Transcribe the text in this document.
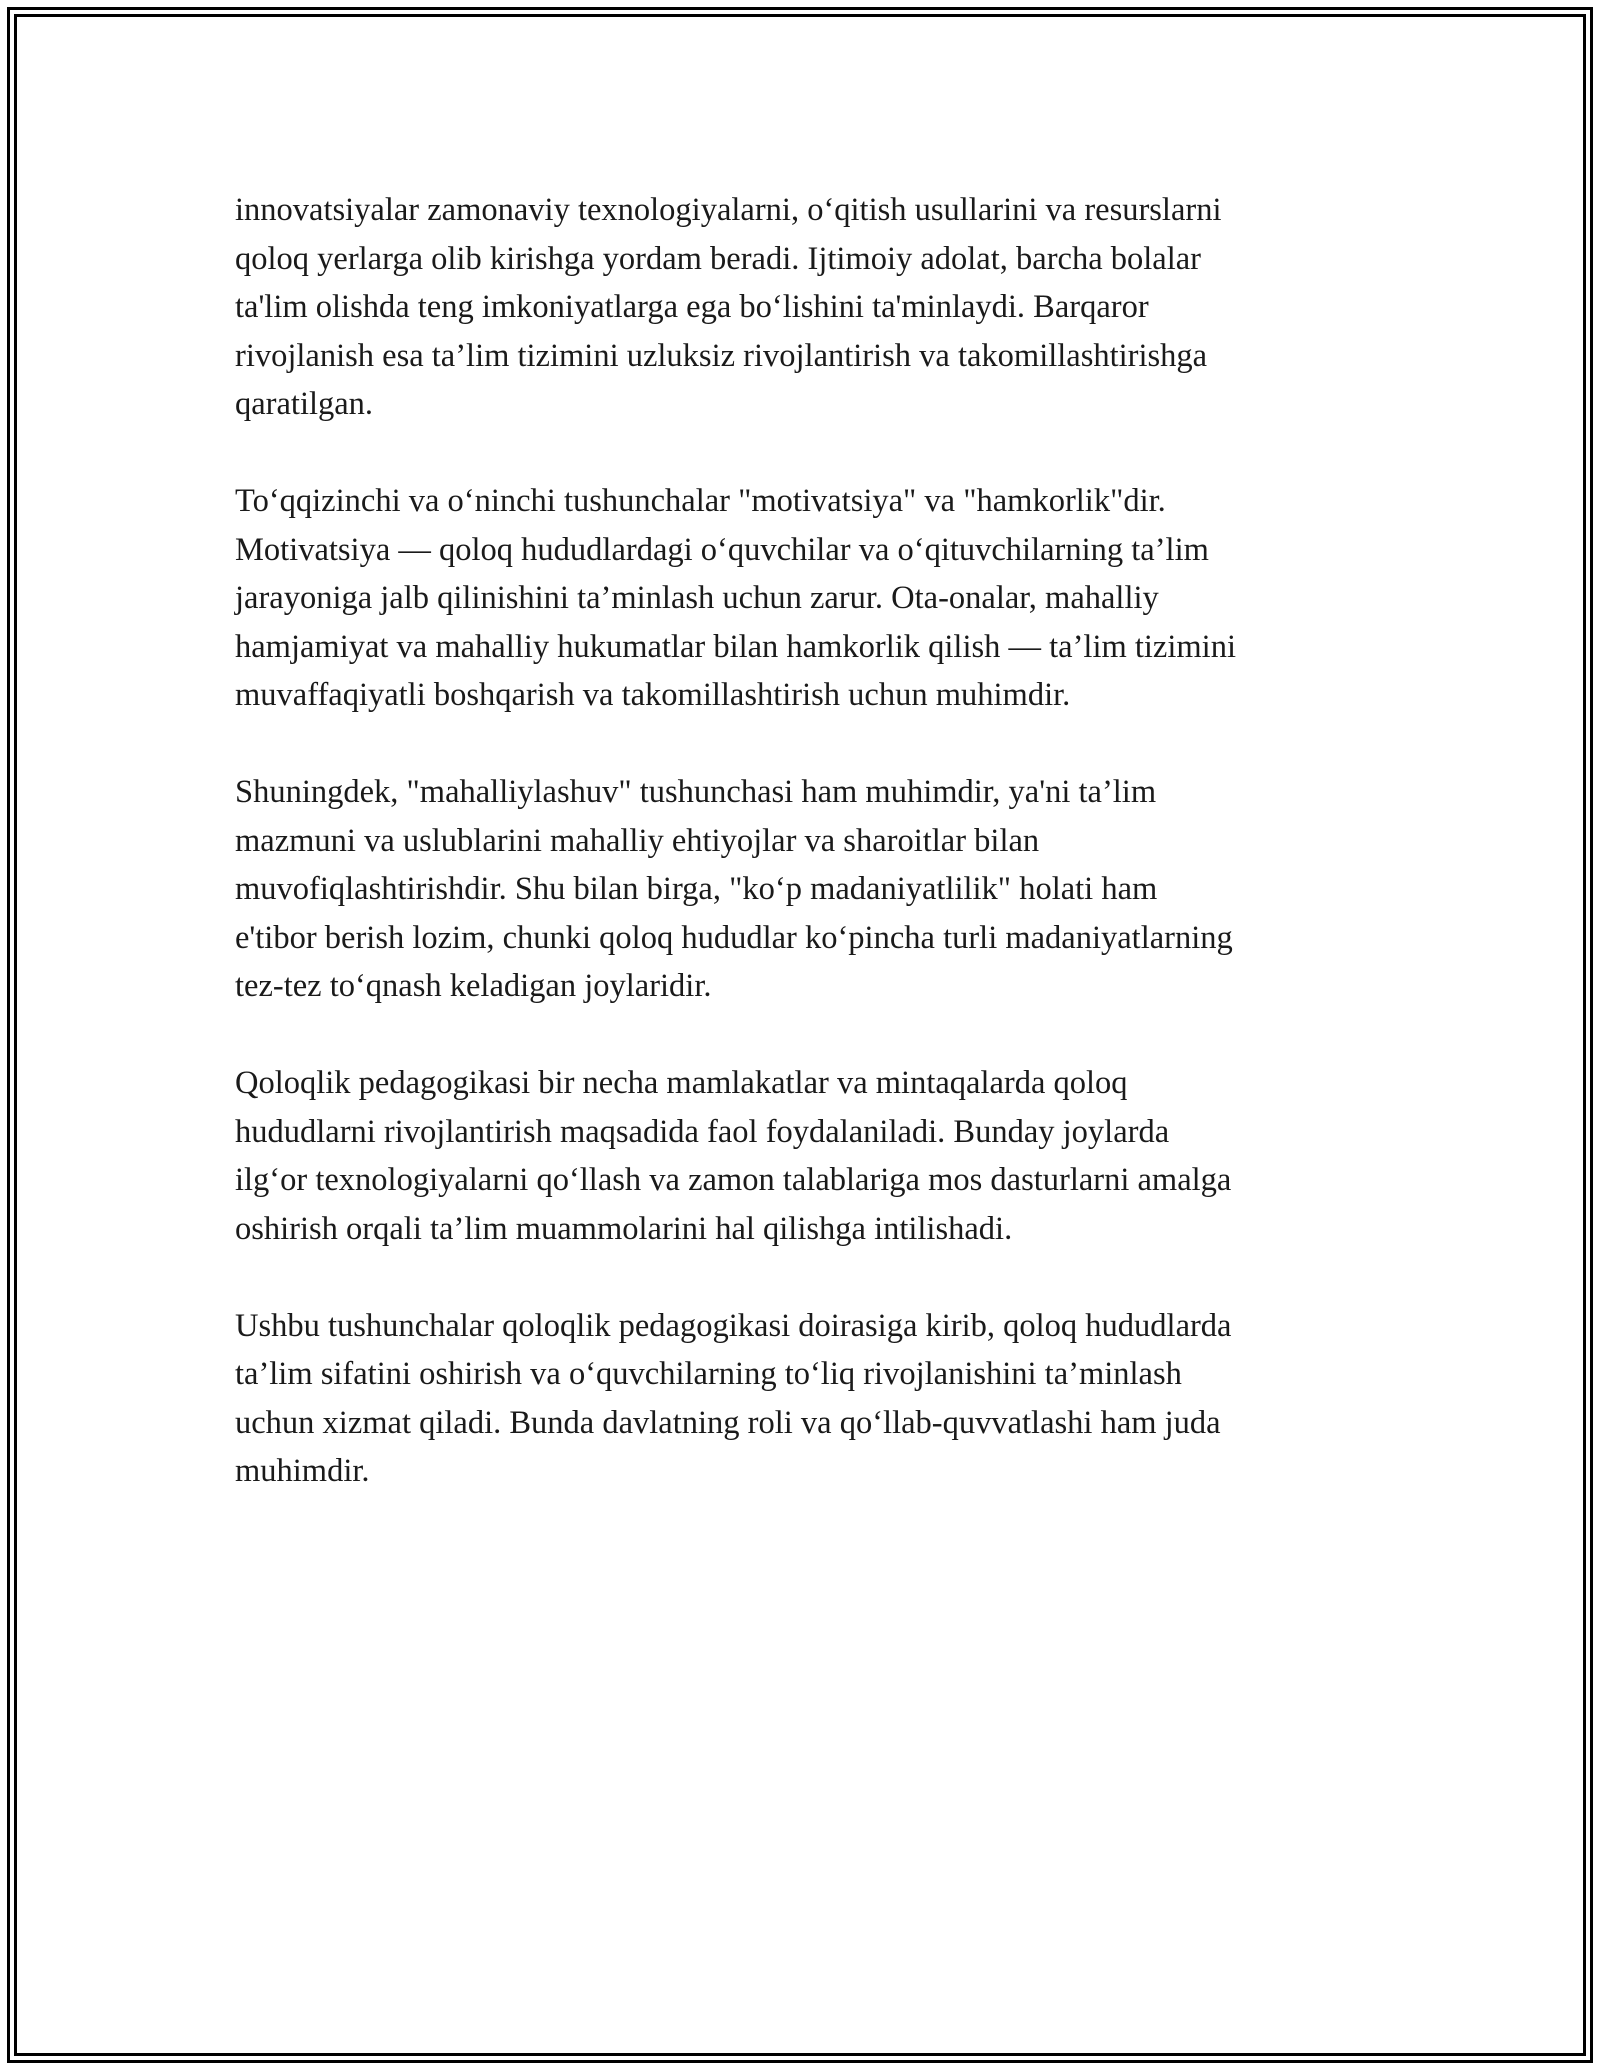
innovatsiyalar zamonaviy texnologiyalarni, o‘qitish usullarini va resurslarni
qoloq yerlarga olib kirishga yordam beradi. Ijtimoiy adolat, barcha bolalar
ta'lim olishda teng imkoniyatlarga ega bo‘lishini ta'minlaydi. Barqaror
rivojlanish esa ta’lim tizimini uzluksiz rivojlantirish va takomillashtirishga
qaratilgan.

To‘qqizinchi va o‘ninchi tushunchalar "motivatsiya" va "hamkorlik"dir.
Motivatsiya — qoloq hududlardagi o‘quvchilar va o‘qituvchilarning ta’lim
jarayoniga jalb qilinishini ta’minlash uchun zarur. Ota-onalar, mahalliy
hamjamiyat va mahalliy hukumatlar bilan hamkorlik qilish — ta’lim tizimini
muvaffaqiyatli boshqarish va takomillashtirish uchun muhimdir.

Shuningdek, "mahalliylashuv" tushunchasi ham muhimdir, ya'ni ta’lim
mazmuni va uslublarini mahalliy ehtiyojlar va sharoitlar bilan
muvofiqlashtirishdir. Shu bilan birga, "ko‘p madaniyatlilik" holati ham
e'tibor berish lozim, chunki qoloq hududlar ko‘pincha turli madaniyatlarning
tez-tez to‘qnash keladigan joylaridir.

Qoloqlik pedagogikasi bir necha mamlakatlar va mintaqalarda qoloq
hududlarni rivojlantirish maqsadida faol foydalaniladi. Bunday joylarda
ilg‘or texnologiyalarni qo‘llash va zamon talablariga mos dasturlarni amalga
oshirish orqali ta’lim muammolarini hal qilishga intilishadi.

Ushbu tushunchalar qoloqlik pedagogikasi doirasiga kirib, qoloq hududlarda
ta’lim sifatini oshirish va o‘quvchilarning to‘liq rivojlanishini ta’minlash
uchun xizmat qiladi. Bunda davlatning roli va qo‘llab-quvvatlashi ham juda
muhimdir.
